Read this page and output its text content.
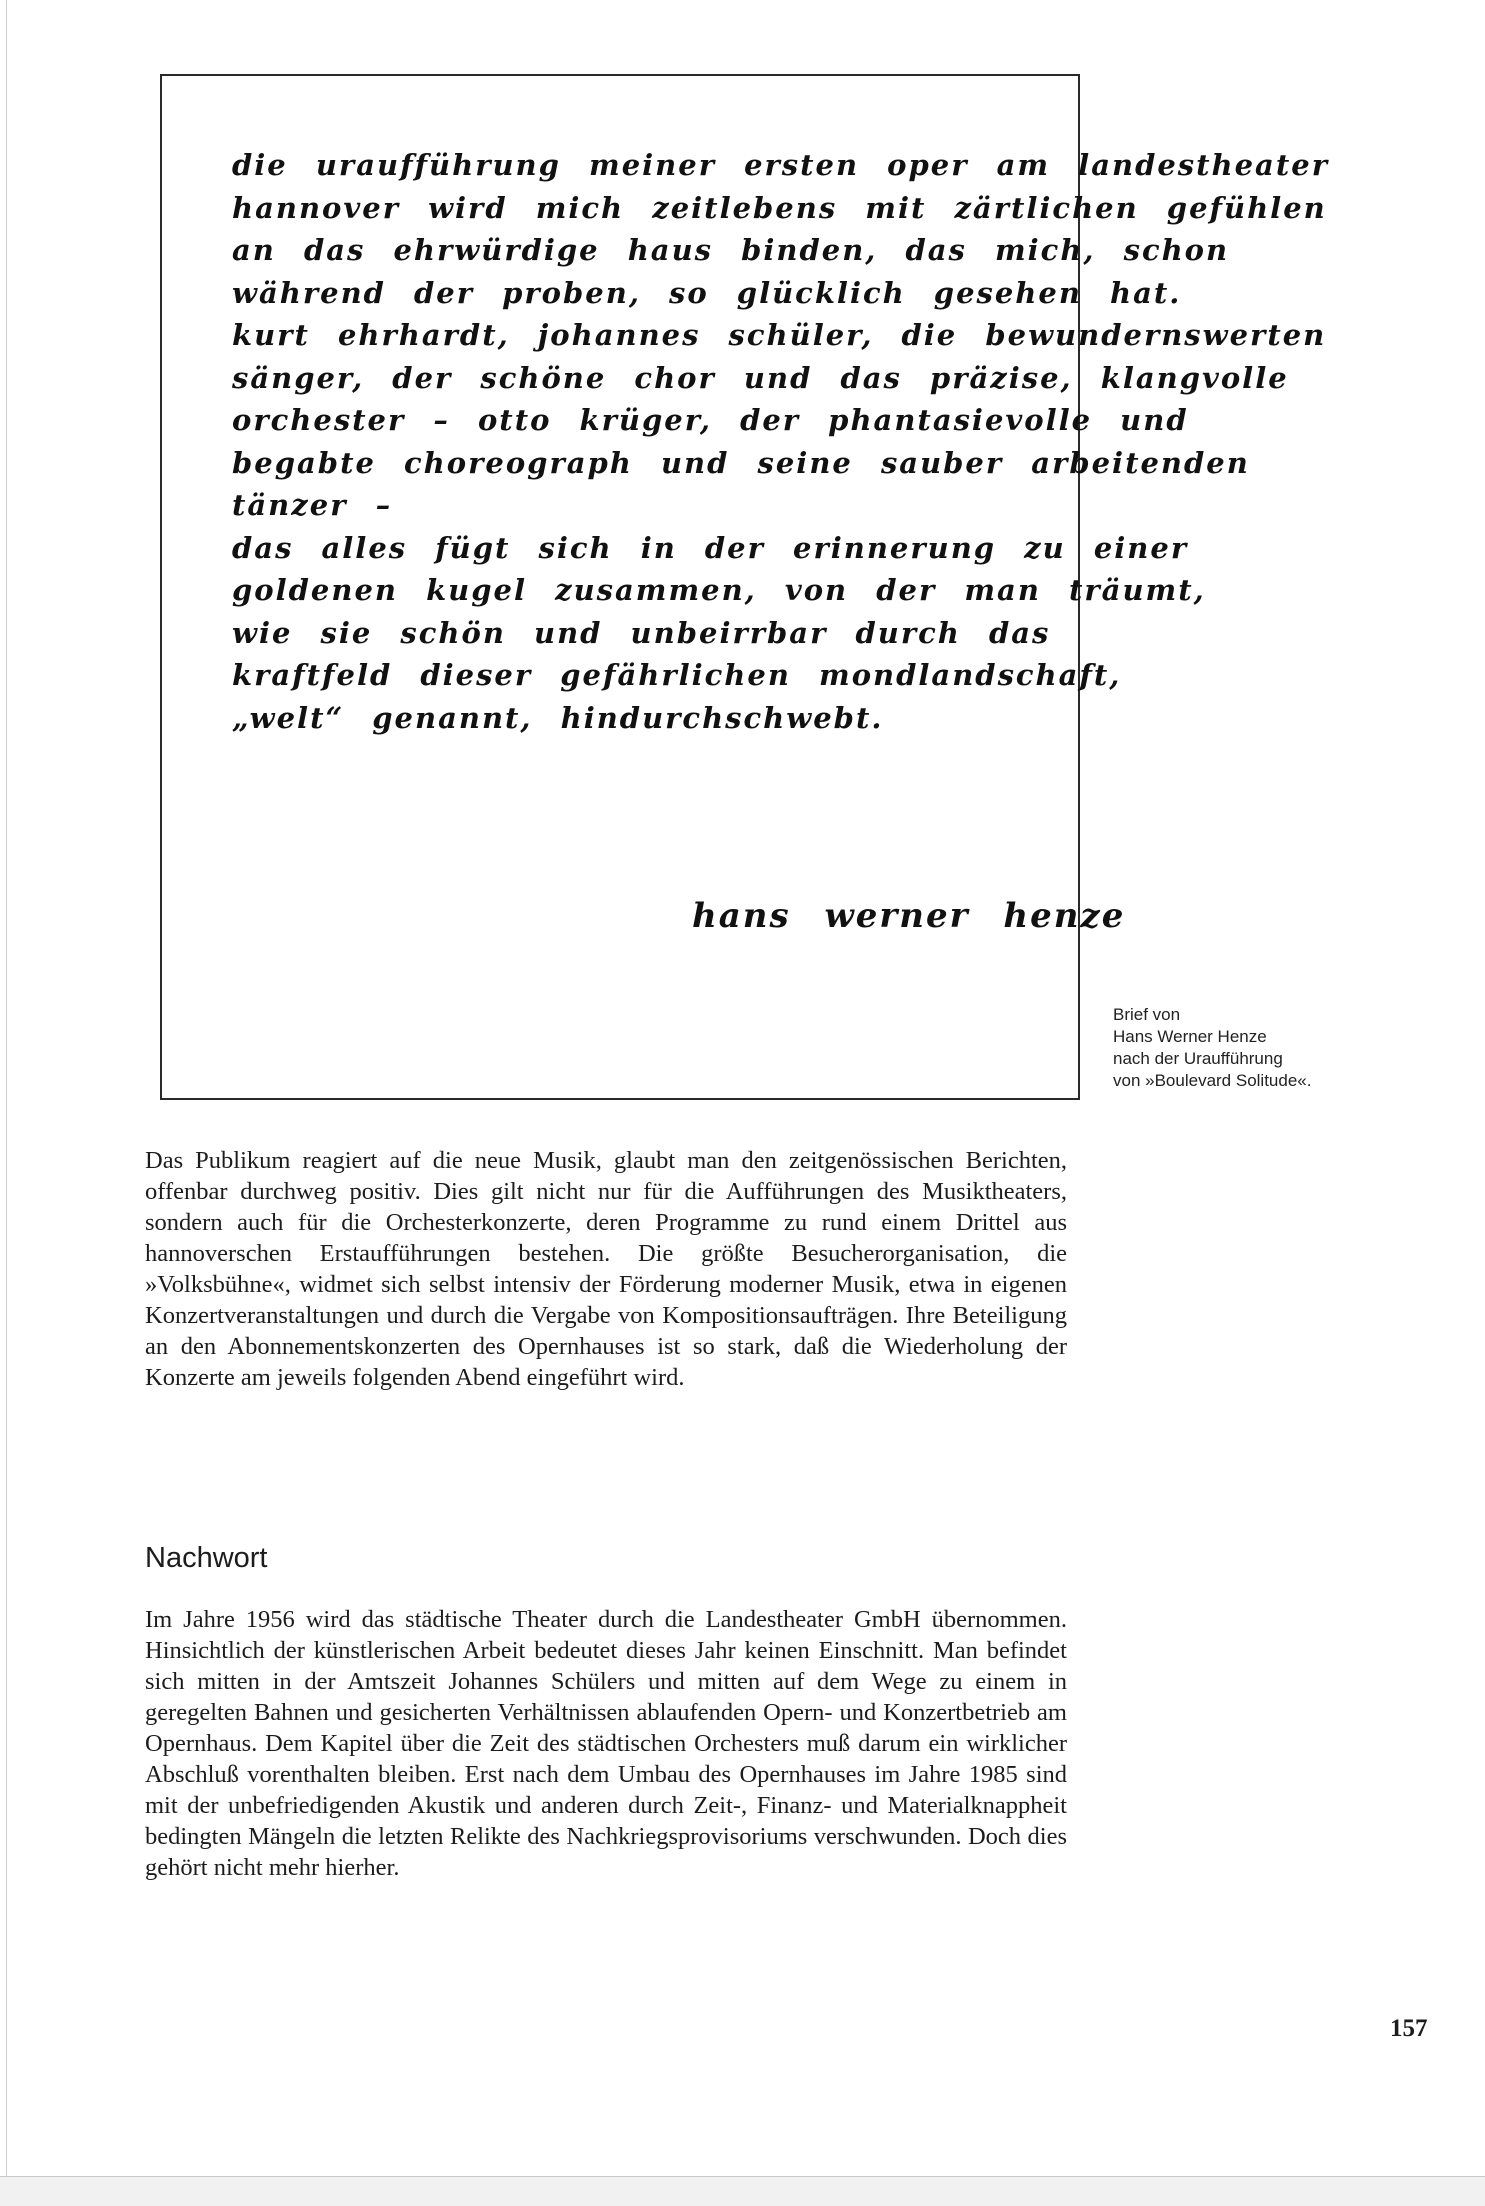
die uraufführung meiner ersten oper am landestheater
hannover wird mich zeitlebens mit zärtlichen gefühlen
an das ehrwürdige haus binden, das mich, schon
während der proben, so glücklich gesehen hat.
kurt ehrhardt, johannes schüler, die bewundernswerten
sänger, der schöne chor und das präzise, klangvolle
orchester – otto krüger, der phantasievolle und
begabte choreograph und seine sauber arbeitenden
tänzer –
das alles fügt sich in der erinnerung zu einer
goldenen kugel zusammen, von der man träumt,
wie sie schön und unbeirrbar durch das
kraftfeld dieser gefährlichen mondlandschaft,
„welt“ genannt, hindurchschwebt.
hans werner henze
Brief von
Hans Werner Henze
nach der Uraufführung
von »Boulevard Solitude«.

Das Publikum reagiert auf die neue Musik, glaubt man den zeitgenössischen Berichten, offenbar durchweg positiv. Dies gilt nicht nur für die Aufführungen des Musiktheaters, sondern auch für die Orchesterkonzerte, deren Programme zu rund einem Drittel aus hannoverschen Erstaufführungen bestehen. Die größte Besucherorganisation, die »Volksbühne«, widmet sich selbst intensiv der Förderung moderner Musik, etwa in eigenen Konzertveranstaltungen und durch die Vergabe von Kompositionsaufträgen. Ihre Beteiligung an den Abonnementskonzerten des Opernhauses ist so stark, daß die Wiederholung der Konzerte am jeweils folgenden Abend eingeführt wird.

Nachwort

Im Jahre 1956 wird das städtische Theater durch die Landestheater GmbH übernommen. Hinsichtlich der künstlerischen Arbeit bedeutet dieses Jahr keinen Einschnitt. Man befindet sich mitten in der Amtszeit Johannes Schülers und mitten auf dem Wege zu einem in geregelten Bahnen und gesicherten Verhältnissen ablaufenden Opern- und Konzertbetrieb am Opernhaus. Dem Kapitel über die Zeit des städtischen Orchesters muß darum ein wirklicher Abschluß vorenthalten bleiben. Erst nach dem Umbau des Opernhauses im Jahre 1985 sind mit der unbefriedigenden Akustik und anderen durch Zeit-, Finanz- und Materialknappheit bedingten Mängeln die letzten Relikte des Nachkriegsprovisoriums verschwunden. Doch dies gehört nicht mehr hierher.

157
